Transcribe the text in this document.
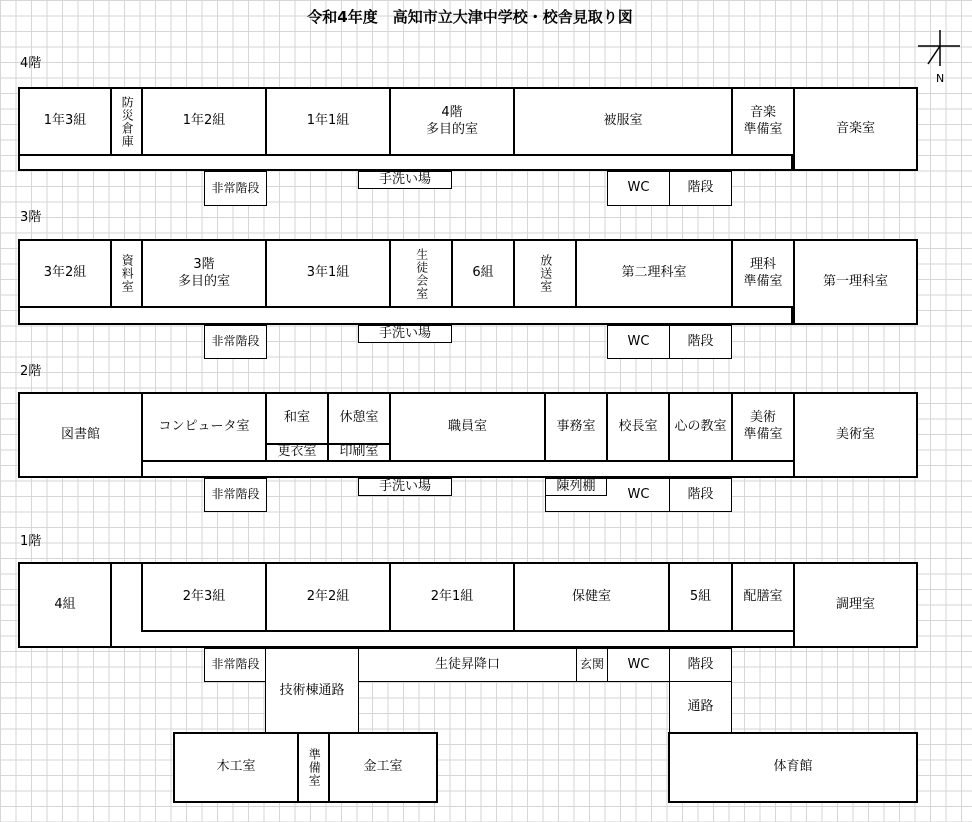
令和4年度　高知市立大津中学校・校舎見取り図
N
4階
1年3組	防災倉庫	1年2組	1年1組
4階
多目的室
被服室
音楽
準備室	音楽室
非常階段
手洗い場
WC	階段
3階
3年2組	資料室	3階
多目的室
3年1組	生徒会室	6組	放送室	第二理科室
理科
準備室	第一理科室
非常階段
手洗い場
WC	階段
2階
図書館
コンピュータ室
和室
更衣室
休憩室
印刷室
職員室	事務室	校長室	心の教室
美術
準備室	美術室
非常階段
手洗い場	陳列棚
WC	階段
1階
4組
2年3組	2年2組	2年1組	保健室	5組	配膳室
調理室
非常階段
技術棟通路
生徒昇降口	玄関	WC	階段
通路
木工室	準備室	金工室	体育館
